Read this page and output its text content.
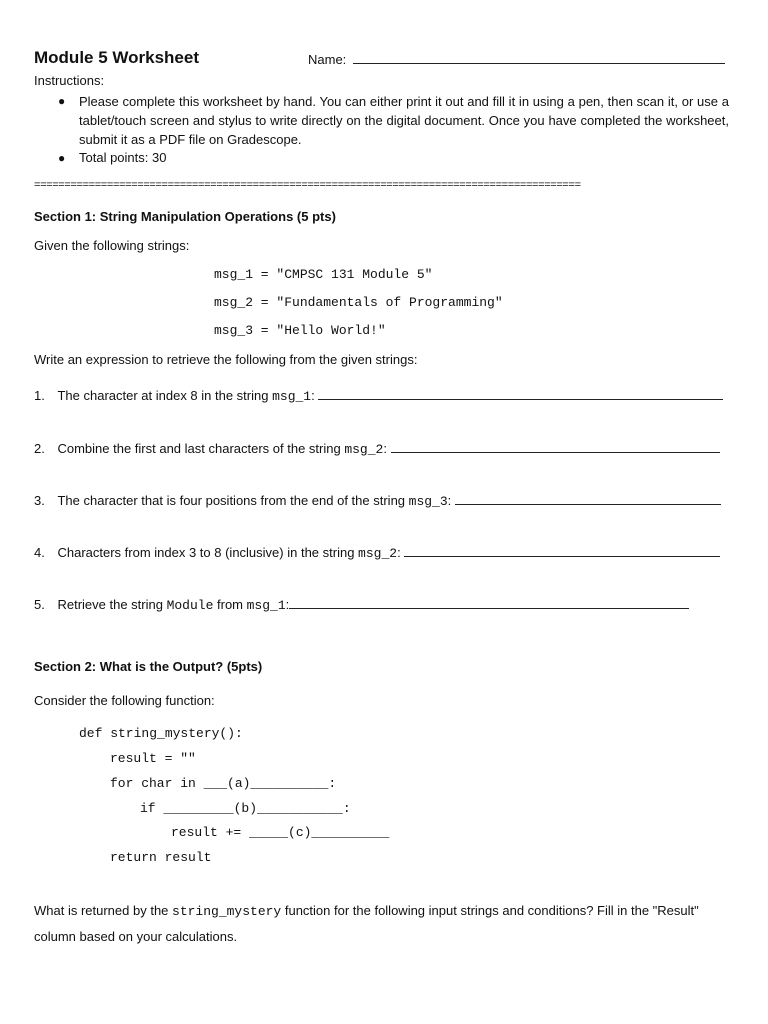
Module 5 Worksheet	Name:
Instructions:
● Please complete this worksheet by hand. You can either print it out and fill it in using a pen, then scan it, or use a tablet/touch screen and stylus to write directly on the digital document. Once you have completed the worksheet, submit it as a PDF file on Gradescope.
● Total points: 30
==========================================================================================
Section 1: String Manipulation Operations (5 pts)
Given the following strings:
msg_1 = "CMPSC 131 Module 5"
msg_2 = "Fundamentals of Programming"
msg_3 = "Hello World!"
Write an expression to retrieve the following from the given strings:
1. The character at index 8 in the string msg_1:
2. Combine the first and last characters of the string msg_2:
3. The character that is four positions from the end of the string msg_3:
4. Characters from index 3 to 8 (inclusive) in the string msg_2:
5. Retrieve the string Module from msg_1:
Section 2: What is the Output? (5pts)
Consider the following function:
def string_mystery():
result = ""
for char in ___(a)__________:
if _________(b)___________:
result += _____(c)__________
return result
What is returned by the string_mystery function for the following input strings and conditions? Fill in the "Result"
column based on your calculations.
